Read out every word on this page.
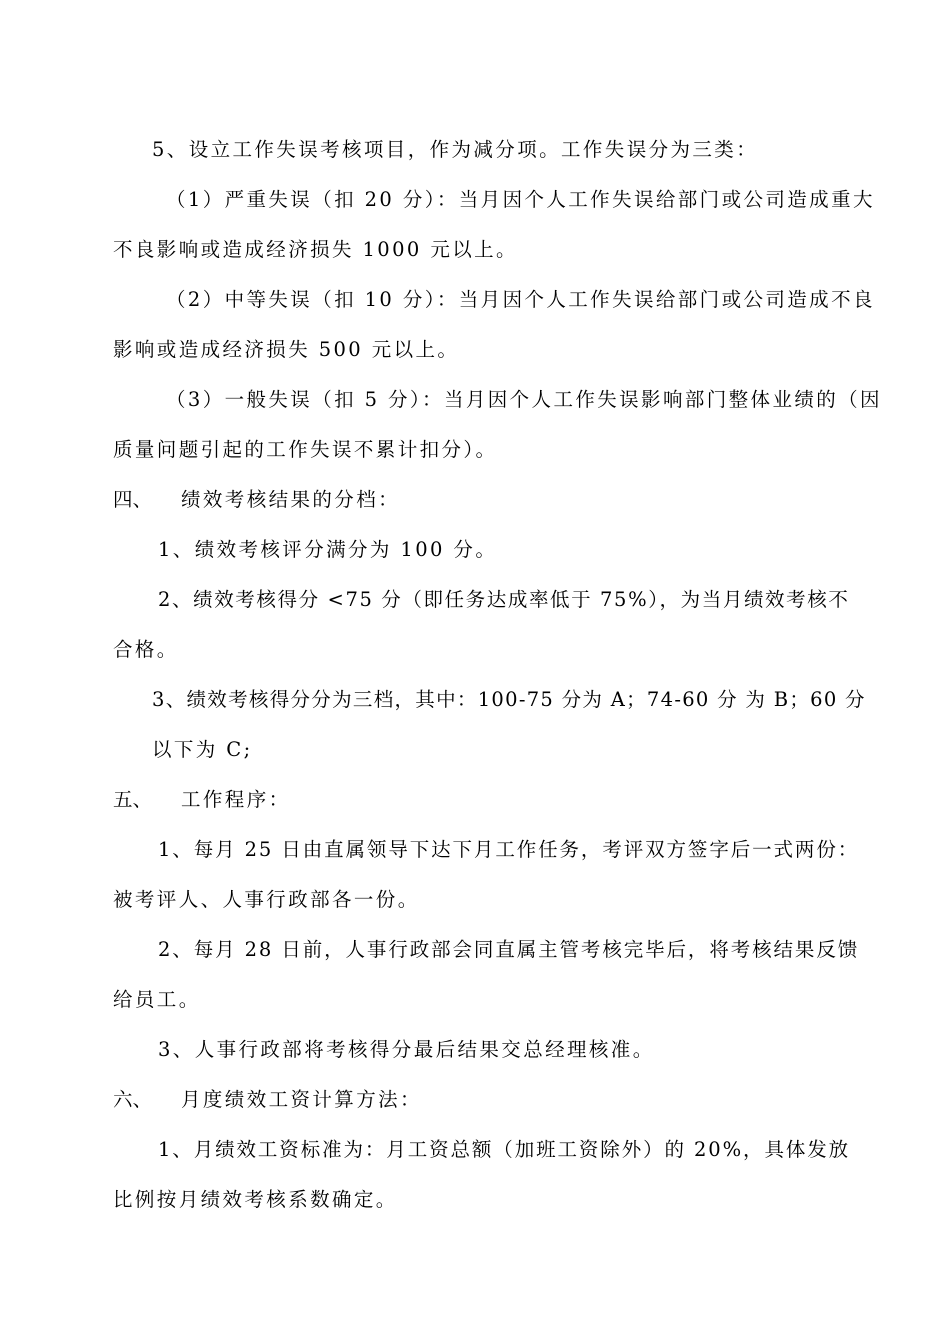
5、设立工作失误考核项目，作为减分项。工作失误分为三类：
（1）严重失误（扣 20 分）：当月因个人工作失误给部门或公司造成重大
不良影响或造成经济损失 1000 元以上。
（2）中等失误（扣 10 分）：当月因个人工作失误给部门或公司造成不良
影响或造成经济损失 500 元以上。
（3）一般失误（扣 5 分）：当月因个人工作失误影响部门整体业绩的（因
质量问题引起的工作失误不累计扣分）。
四、 绩效考核结果的分档：
1、绩效考核评分满分为 100 分。
2、绩效考核得分 <75 分（即任务达成率低于 75%），为当月绩效考核不
合格。
3、绩效考核得分分为三档，其中：100-75 分为 A；74-60 分 为 B；60 分
以下为 C;
五、 工作程序：
1、每月 25 日由直属领导下达下月工作任务，考评双方签字后一式两份：
被考评人、人事行政部各一份。
2、每月 28 日前，人事行政部会同直属主管考核完毕后，将考核结果反馈
给员工。
3、人事行政部将考核得分最后结果交总经理核准。
六、 月度绩效工资计算方法：
1、月绩效工资标准为：月工资总额（加班工资除外）的 20%，具体发放
比例按月绩效考核系数确定。
